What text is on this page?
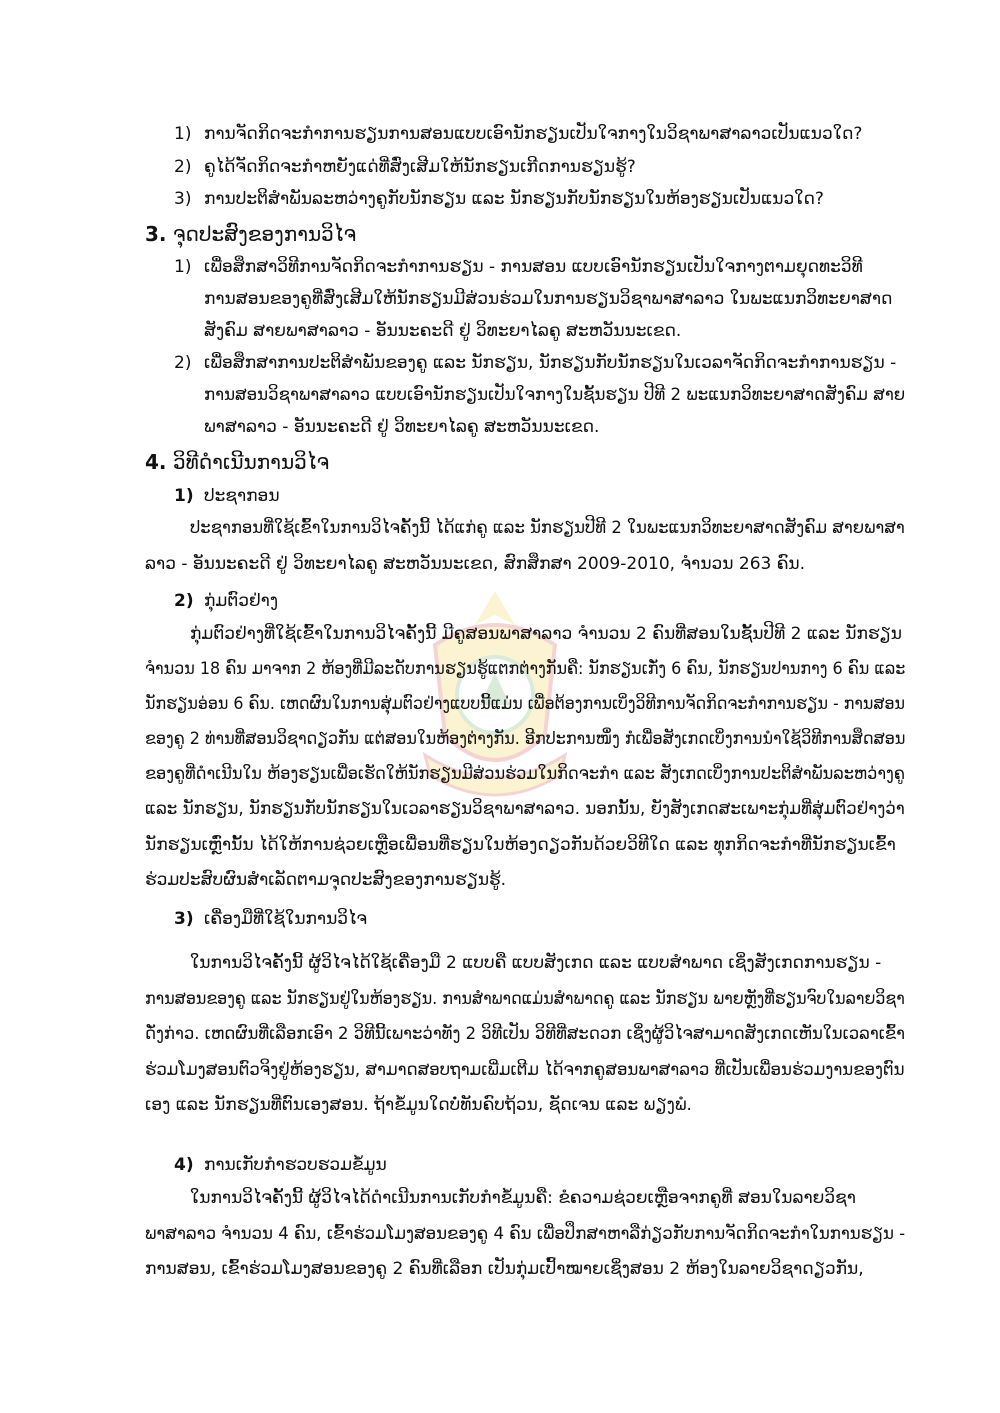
1) ການຈັດກິດຈະກຳການຮຽນການສອນແບບເອົານັກຮຽນເປັນໃຈກາງໃນວິຊາພາສາລາວເປັນແນວໃດ?
2) ຄູໄດ້ຈັດກິດຈະກຳຫຍັງແດ່ທີ່ສົ່ງເສີມໃຫ້ນັກຮຽນເກີດການຮຽນຮູ້?
3) ການປະຕິສຳພັນລະຫວ່າງຄູກັບນັກຮຽນ ແລະ ນັກຮຽນກັບນັກຮຽນໃນຫ້ອງຮຽນເປັນແນວໃດ?
3. ຈຸດປະສົງຂອງການວິໄຈ
1) ເພື່ອສຶກສາວິທີການຈັດກິດຈະກຳການຮຽນ - ການສອນ ແບບເອົານັກຮຽນເປັນໃຈກາງຕາມຍຸດທະວິທີ
ການສອນຂອງຄູທີ່ສົ່ງເສີມໃຫ້ນັກຮຽນມີສ່ວນຮ່ວມໃນການຮຽນວິຊາພາສາລາວ ໃນພະແນກວິທະຍາສາດ
ສັງຄົມ ສາຍພາສາລາວ - ອັນນະຄະດີ ຢູ່ ວິທະຍາໄລຄູ ສະຫວັນນະເຂດ.
2) ເພື່ອສຶກສາການປະຕິສຳພັນຂອງຄູ ແລະ ນັກຮຽນ, ນັກຮຽນກັບນັກຮຽນໃນເວລາຈັດກິດຈະກຳການຮຽນ -
ການສອນວິຊາພາສາລາວ ແບບເອົານັກຮຽນເປັນໃຈກາງໃນຊັ້ນຮຽນ ປີທີ 2 ພະແນກວິທະຍາສາດສັງຄົມ ສາຍ
ພາສາລາວ - ອັນນະຄະດີ ຢູ່ ວິທະຍາໄລຄູ ສະຫວັນນະເຂດ.
4. ວິທີດຳເນີນການວິໄຈ
1) ປະຊາກອນ
ປະຊາກອນທີ່ໃຊ້ເຂົ້າໃນການວິໄຈຄັ້ງນີ້ ໄດ້ແກ່ຄູ ແລະ ນັກຮຽນປີທີ 2 ໃນພະແນກວິທະຍາສາດສັງຄົມ ສາຍພາສາ
ລາວ - ອັນນະຄະດີ ຢູ່ ວິທະຍາໄລຄູ ສະຫວັນນະເຂດ, ສົກສຶກສາ 2009-2010, ຈຳນວນ 263 ຄົນ.
2) ກຸ່ມຕົວຢ່າງ
ກຸ່ມຕົວຢ່າງທີ່ໃຊ້ເຂົ້າໃນການວິໄຈຄັ້ງນີ້ ມີຄູສອນພາສາລາວ ຈຳນວນ 2 ຄົນທີ່ສອນໃນຊັ້ນປີທີ 2 ແລະ ນັກຮຽນ
ຈຳນວນ 18 ຄົນ ມາຈາກ 2 ຫ້ອງທີ່ມີລະດັບການຮຽນຮູ້ແຕກຕ່າງກັນຄື: ນັກຮຽນເກັ່ງ 6 ຄົນ, ນັກຮຽນປານກາງ 6 ຄົນ ແລະ
ນັກຮຽນອ່ອນ 6 ຄົນ. ເຫດຜົນໃນການສຸ່ມຕົວຢ່າງແບບນີ້ແມ່ນ ເພື່ອຕ້ອງການເບິ່ງວິທີການຈັດກິດຈະກຳການຮຽນ - ການສອນ
ຂອງຄູ 2 ທ່ານທີ່ສອນວິຊາດຽວກັນ ແຕ່ສອນໃນຫ້ອງຕ່າງກັນ. ອີກປະການໜຶ່ງ ກໍເພື່ອສັງເກດເບິ່ງການນຳໃຊ້ວິທີການສຶດສອນ
ຂອງຄູທີ່ດຳເນີນໃນ ຫ້ອງຮຽນເພື່ອເຮັດໃຫ້ນັກຮຽນມີສ່ວນຮ່ວມໃນກິດຈະກຳ ແລະ ສັງເກດເບິ່ງການປະຕິສຳພັນລະຫວ່າງຄູ
ແລະ ນັກຮຽນ, ນັກຮຽນກັບນັກຮຽນໃນເວລາຮຽນວິຊາພາສາລາວ. ນອກນັ້ນ, ຍັງສັງເກດສະເພາະກຸ່ມທີ່ສຸ່ມຕົວຢ່າງວ່າ
ນັກຮຽນເຫຼົ່ານັ້ນ ໄດ້ໃຫ້ການຊ່ວຍເຫຼືອເພື່ອນທີ່ຮຽນໃນຫ້ອງດຽວກັນດ້ວຍວິທີໃດ ແລະ ທຸກກິດຈະກຳທີ່ນັກຮຽນເຂົ້າ
ຮ່ວມປະສົບຜົນສຳເລັດຕາມຈຸດປະສົງຂອງການຮຽນຮູ້.
3) ເຄື່ອງມືທີ່ໃຊ້ໃນການວິໄຈ
ໃນການວິໄຈຄັ້ງນີ້ ຜູ້ວິໄຈໄດ້ໃຊ້ເຄື່ອງມື 2 ແບບຄື ແບບສັງເກດ ແລະ ແບບສຳພາດ ເຊິ່ງສັງເກດການຮຽນ -
ການສອນຂອງຄູ ແລະ ນັກຮຽນຢູ່ໃນຫ້ອງຮຽນ. ການສຳພາດແມ່ນສຳພາດຄູ ແລະ ນັກຮຽນ ພາຍຫຼັງທີ່ຮຽນຈົບໃນລາຍວິຊາ
ດັ່ງກ່າວ. ເຫດຜົນທີ່ເລືອກເອົາ 2 ວິທີນີ້ເພາະວ່າທັງ 2 ວິທີເປັນ ວິທີທີ່ສະດວກ ເຊິ່ງຜູ້ວິໄຈສາມາດສັງເກດເຫັນໃນເວລາເຂົ້າ
ຮ່ວມໂມງສອນຕົວຈິງຢູ່ຫ້ອງຮຽນ, ສາມາດສອບຖາມເພີ່ມເຕີມ ໄດ້ຈາກຄູສອນພາສາລາວ ທີ່ເປັນເພື່ອນຮ່ວມງານຂອງຕົນ
ເອງ ແລະ ນັກຮຽນທີ່ຕົນເອງສອນ. ຖ້າຂໍ້ມູນໃດບໍ່ທັນຄົບຖ້ວນ, ຊັດເຈນ ແລະ ພຽງພໍ.
4) ການເກັບກຳຮວບຮວມຂໍ້ມູນ
ໃນການວິໄຈຄັ້ງນີ້ ຜູ້ວິໄຈໄດ້ດຳເນີນການເກັບກຳຂໍ້ມູນຄື: ຂໍຄວາມຊ່ວຍເຫຼືອຈາກຄູທີ່ ສອນໃນລາຍວິຊາ
ພາສາລາວ ຈຳນວນ 4 ຄົນ, ເຂົ້າຮ່ວມໂມງສອນຂອງຄູ 4 ຄົນ ເພື່ອປຶກສາຫາລືກ່ຽວກັບການຈັດກິດຈະກຳໃນການຮຽນ -
ການສອນ, ເຂົ້າຮ່ວມໂມງສອນຂອງຄູ 2 ຄົນທີ່ເລືອກ ເປັນກຸ່ມເປົ້າໝາຍເຊິ່ງສອນ 2 ຫ້ອງໃນລາຍວິຊາດຽວກັນ,
